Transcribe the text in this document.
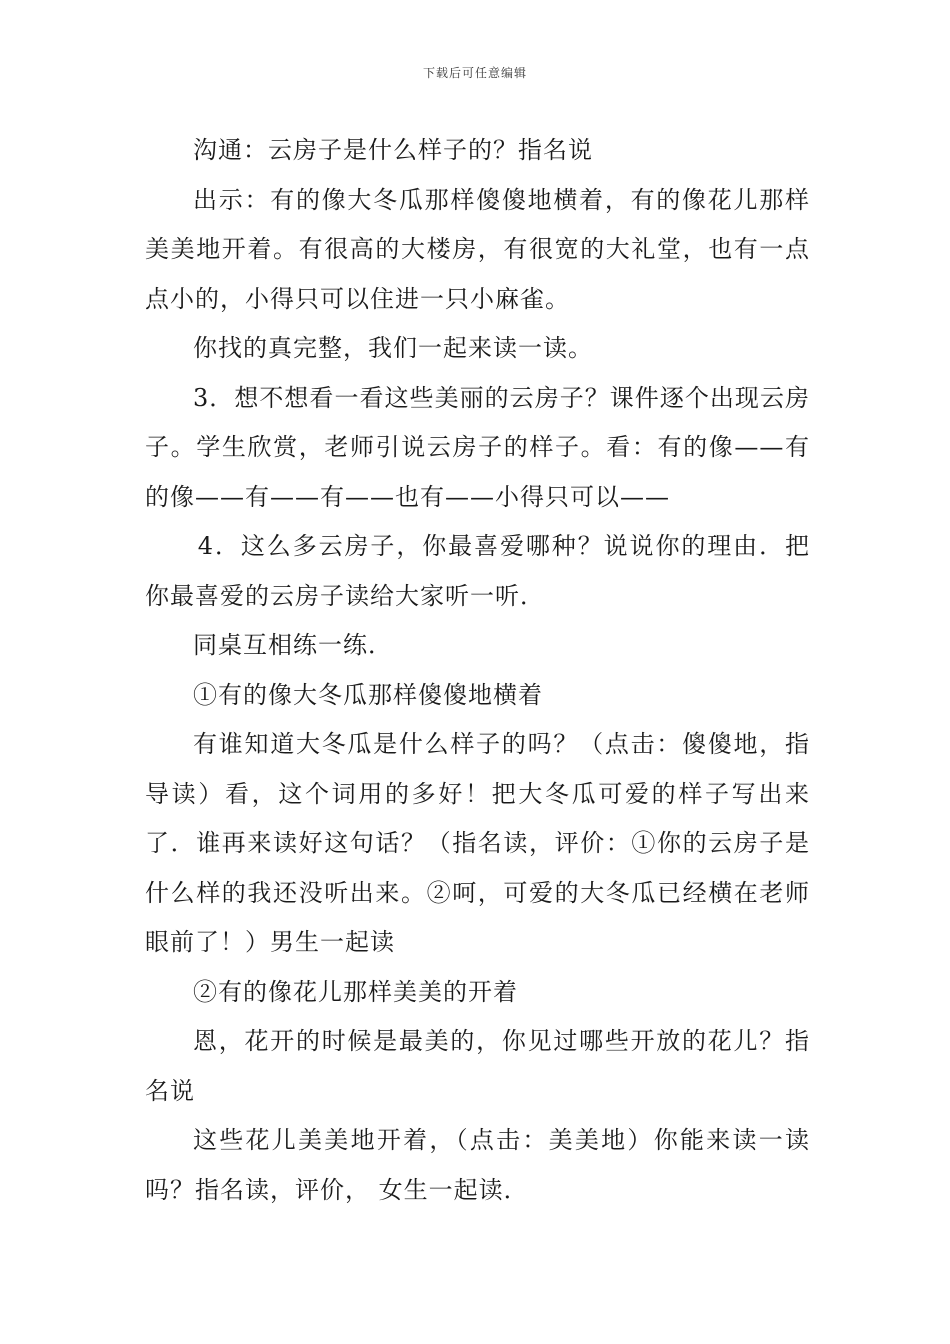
下载后可任意编辑

沟通：云房子是什么样子的？指名说

出示：有的像大冬瓜那样傻傻地横着，有的像花儿那样美美地开着。有很高的大楼房，有很宽的大礼堂，也有一点点小的，小得只可以住进一只小麻雀。

你找的真完整，我们一起来读一读。

3．想不想看一看这些美丽的云房子？课件逐个出现云房子。学生欣赏，老师引说云房子的样子。看：有的像——有的像——有——有——也有——小得只可以——

4．这么多云房子，你最喜爱哪种？说说你的理由．把你最喜爱的云房子读给大家听一听．

同桌互相练一练．

①有的像大冬瓜那样傻傻地横着

有谁知道大冬瓜是什么样子的吗？（点击：傻傻地，指导读）看，这个词用的多好！把大冬瓜可爱的样子写出来了．谁再来读好这句话？（指名读，评价：①你的云房子是什么样的我还没听出来。②呵，可爱的大冬瓜已经横在老师眼前了！）男生一起读

②有的像花儿那样美美的开着

恩，花开的时候是最美的，你见过哪些开放的花儿？指名说

这些花儿美美地开着，（点击：美美地）你能来读一读吗？指名读，评价， 女生一起读．
